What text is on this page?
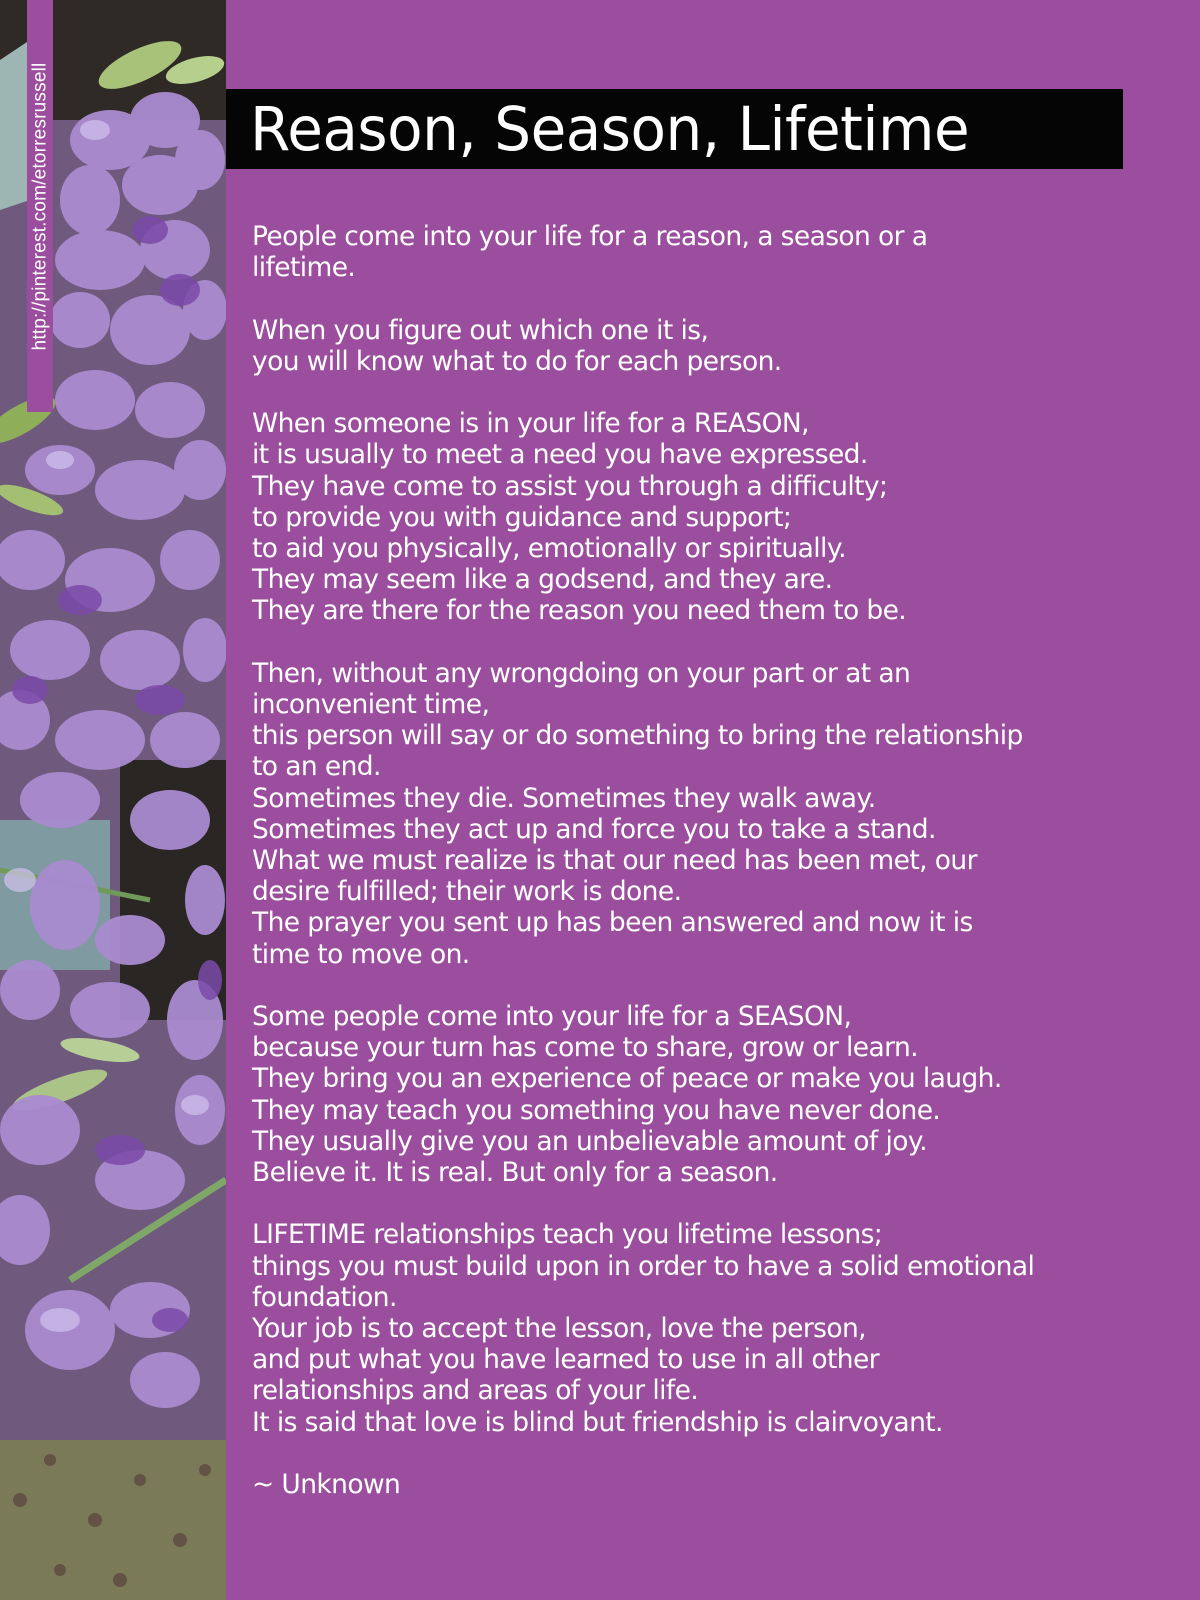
http://pinterest.com/etorresrussell	Reason, Season, Lifetime
People come into your life for a reason, a season or a
lifetime.
When you figure out which one it is,
you will know what to do for each person.
When someone is in your life for a REASON,
it is usually to meet a need you have expressed.
They have come to assist you through a difficulty;
to provide you with guidance and support;
to aid you physically, emotionally or spiritually.
They may seem like a godsend, and they are.
They are there for the reason you need them to be.
Then, without any wrongdoing on your part or at an
inconvenient time,
this person will say or do something to bring the relationship
to an end.
Sometimes they die. Sometimes they walk away.
Sometimes they act up and force you to take a stand.
What we must realize is that our need has been met, our
desire fulfilled; their work is done.
The prayer you sent up has been answered and now it is
time to move on.
Some people come into your life for a SEASON,
because your turn has come to share, grow or learn.
They bring you an experience of peace or make you laugh.
They may teach you something you have never done.
They usually give you an unbelievable amount of joy.
Believe it. It is real. But only for a season.
LIFETIME relationships teach you lifetime lessons;
things you must build upon in order to have a solid emotional
foundation.
Your job is to accept the lesson, love the person,
and put what you have learned to use in all other
relationships and areas of your life.
It is said that love is blind but friendship is clairvoyant.
~ Unknown
